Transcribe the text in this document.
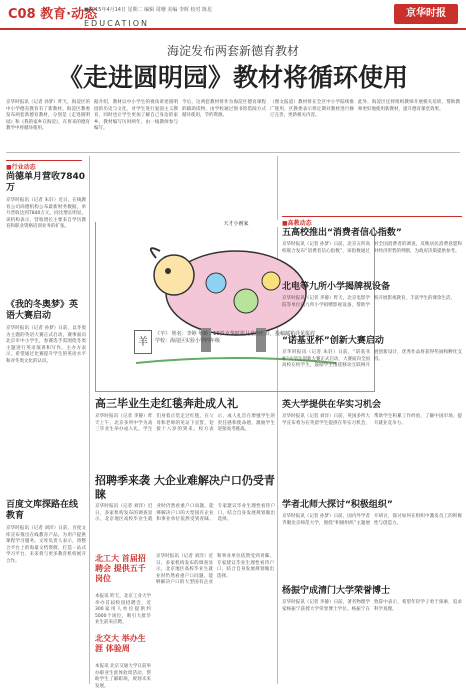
C08 教育·动态
■2015年4月14日 星期二 编辑 周珊 美编 李晖 校对 陈星
EDUCATION
京华时报
海淀发布两套新德育教材
《走进圆明园》教材将循环使用
京华时报讯（记者 孙梦）昨天，海淀区的中小学德育教育有了新教材。海淀区教委发布两套新德育教材，分别是《走进圆明园》和《我的家乡在海淀》，在将来的德育教学中将循环使用。
据介绍，教材以中小学生的视角讲述圆明园的历史与文化，对学生进行爱国主义教育，同时也让学生更加了解自己身边的家乡。教材编写历时两年，由一线教师参与编写。
今后，这两套教材将作为海淀区德育课程的辅助读物，由学校通过图书馆借阅方式循环使用，节约资源。
（图文报道）教材将在全区中小学陆续推广使用，区教委表示将定期对教材进行修订完善，更新相关内容。
此外，海淀区还将组织教师开展相关培训，帮助教师更好地使用新教材，提升德育课堂效果。
■行业动态
尚德单月营收7840万
京华时报讯（记者 朱轩）近日，在线教育公司尚德机构公布最新财务数据，单月营收达到7840万元，同比增长明显。该机构表示，营收增长主要来自学历教育和职业资格培训业务的扩张。
《我的冬奥梦》英语大赛启动
京华时报讯（记者 孙梦）日前，以冬奥为主题的英语大赛正式启动，赛事面向北京市中小学生，参赛选手需围绕冬奥主题进行英语演讲和写作。主办方表示，希望通过比赛提升学生的英语水平和对冬奥文化的认识。
百度文库探路在线教育
京华时报讯（记者 刘洋）日前，百度文库宣布推出在线教育产品，为用户提供课程学习服务。文库负责人表示，将整合平台上的海量文档资源，打造一站式学习平台，未来将与更多教育机构展开合作。
天才小画家
羊
《羊》 姓名：李婷 年龄：10岁 学校：海淀区实验小学四年级
京华时报儿童画栏目，投稿邮箱详见报眉
高三毕业生走红毯奔赴成人礼
京华时报讯（记者 李静）昨天上午，北京多所中学为高三毕业生举办成人礼。学生们身着正装走过红毯，在父母和老师的见证下宣誓，迎接十八岁的到来。校方表示，成人礼旨在增强学生的责任感和使命感，激励学生迎接高考挑战。
招聘季来袭 大企业难解决户口仍受青睐
京华时报讯（记者 刘洋）近日，多家机构发布的调查显示，北京地区高校毕业生就业时仍然看重户口问题，能够解决户口的大型国有企业和事业单位依然受到青睐。专家建议毕业生理性看待户口，结合自身发展规划做出选择。
北工大 首届招聘会 提供五千岗位
本报讯 昨天，北京工业大学举办首届校园招聘会，近300家用人单位提供约5000个岗位，吸引大批毕业生前来应聘。
北交大 举办生涯 体验周
本报讯 北京交通大学日前举办职业生涯体验周活动，帮助学生了解职场，规划未来发展。
京华时报讯（记者 刘洋）近日，多家机构发布的调查显示，北京地区高校毕业生就业时仍然看重户口问题，能够解决户口的大型国有企业和事业单位依然受到青睐。专家建议毕业生理性看待户口，结合自身发展规划做出选择。
■高教动态
五高校推出“消费者信心指数”
京华时报讯（记者 孙梦）日前，北京五所高校联合发布“消费者信心指数”，该指数通过对全国消费者的调查，反映居民消费意愿和对经济形势的判断，为政府决策提供参考。
北电等九所小学揭牌视设备
京华时报讯（记者 李静）昨天，北京电影学院等单位向九所小学捐赠影视设备，帮助学校开展影视教育，丰富学生的课余生活。
“诺基亚杯”创新大赛启动
京华时报讯（记者 朱轩）日前，“诺基亚杯”大学生创新大赛正式启动，大赛面向全国高校在校学生，鼓励学生围绕移动互联网开展创新设计，优秀作品将获得奖励和孵化支持。
英大学提供在华实习机会
京华时报讯（记者 刘洋）日前，英国多所大学宣布将为在英留学生提供在华实习机会，帮助学生积累工作经验，了解中国市场，提升就业竞争力。
学者北师大探讨“积极组织”
京华时报讯（记者 孙梦）日前，国内外学者齐聚北京师范大学，围绕“积极组织”主题展开研讨，探讨如何在组织中激发员工的积极性与创造力。
杨振宁成清门大学荣誉博士
京华时报讯（记者 李静）日前，著名物理学家杨振宁获授大学荣誉博士学位。杨振宁在致辞中表示，希望年轻学子勇于探索，追求科学真理。
